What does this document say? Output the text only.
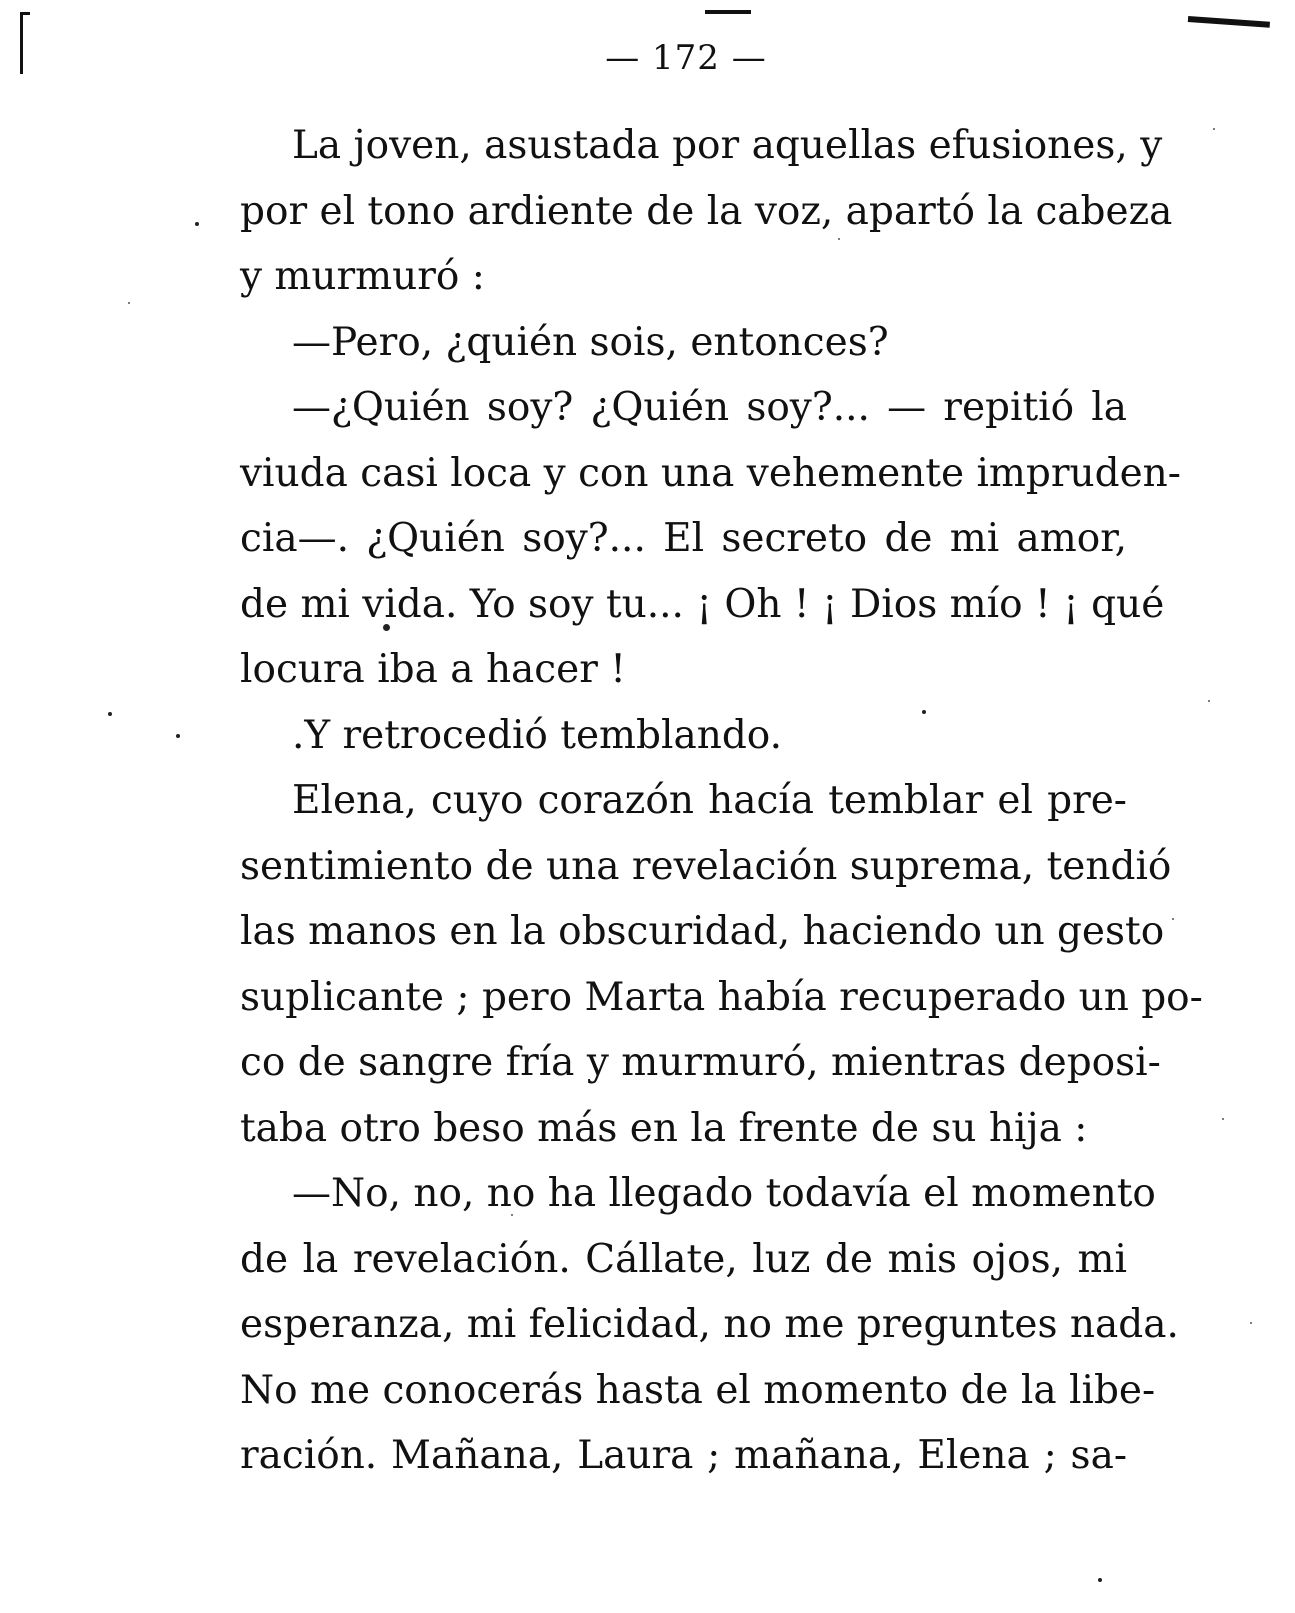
— 172 —
La joven, asustada por aquellas efusiones, y
por el tono ardiente de la voz, apartó la cabeza
y murmuró :
—Pero, ¿quién sois, entonces?
—¿Quién soy? ¿Quién soy?... — repitió la
viuda casi loca y con una vehemente impruden-
cia—. ¿Quién soy?... El secreto de mi amor,
de mi vida. Yo soy tu... ¡ Oh ! ¡ Dios mío ! ¡ qué
locura iba a hacer !
.Y retrocedió temblando.
Elena, cuyo corazón hacía temblar el pre-
sentimiento de una revelación suprema, tendió
las manos en la obscuridad, haciendo un gesto
suplicante ; pero Marta había recuperado un po-
co de sangre fría y murmuró, mientras deposi-
taba otro beso más en la frente de su hija :
—No, no, no ha llegado todavía el momento
de la revelación. Cállate, luz de mis ojos, mi
esperanza, mi felicidad, no me preguntes nada.
No me conocerás hasta el momento de la libe-
ración. Mañana, Laura ; mañana, Elena ; sa-
